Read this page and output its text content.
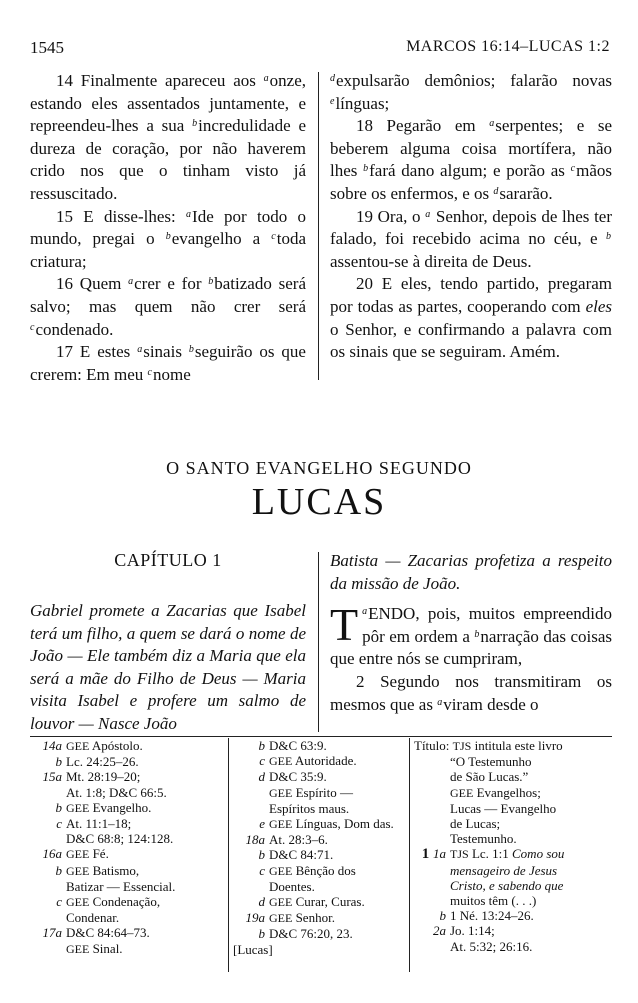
1545	MARCOS 16:14–LUCAS 1:2

14 Finalmente apareceu aos $^a$onze, estando eles assentados juntamente, e repreendeu-lhes a sua $^b$incredulidade e dureza de coração, por não haverem crido nos que o tinham visto já ressuscitado.

15 E disse-lhes: $^a$Ide por todo o mundo, pregai o $^b$evangelho a $^c$toda criatura;

16 Quem $^a$crer e for $^b$batizado será salvo; mas quem não crer será $^c$condenado.

17 E estes $^a$sinais $^b$seguirão os que crerem: Em meu $^c$nome

$^d$expulsarão demônios; falarão novas $^e$línguas;

18 Pegarão em $^a$serpentes; e se beberem alguma coisa mortífera, não lhes $^b$fará dano algum; e porão as $^c$mãos sobre os enfermos, e os $^d$sararão.

19 Ora, o $^a$ Senhor, depois de lhes ter falado, foi recebido acima no céu, e $^b$ assentou-se à direita de Deus.

20 E eles, tendo partido, pregaram por todas as partes, cooperando com eles o Senhor, e confirmando a palavra com os sinais que se seguiram. Amém.

O SANTO EVANGELHO SEGUNDO
LUCAS
CAPÍTULO 1
Gabriel promete a Zacarias que Isabel terá um filho, a quem se dará o nome de João — Ele também diz a Maria que ela será a mãe do Filho de Deus — Maria visita Isabel e profere um salmo de louvor — Nasce João

Batista — Zacarias profetiza a respeito da missão de João.

$^a$
T ENDO, pois, muitos empreendido pôr em ordem a $^b$narração das coisas que entre nós se cumpriram,

2 Segundo nos transmitiram os mesmos que as $^a$viram desde o

14a GEE Apóstolo.
b Lc. 24:25–26.
15a Mt. 28:19–20;
At. 1:8; D&C 66:5.
b GEE Evangelho.
c At. 11:1–18;
D&C 68:8; 124:128.
16a GEE Fé.
b GEE Batismo,
Batizar — Essencial.
c GEE Condenação,
Condenar.
17a D&C 84:64–73.
GEE Sinal.
b D&C 63:9.
c GEE Autoridade.
d D&C 35:9.
GEE Espírito —
Espíritos maus.
e GEE Línguas, Dom das.
18a At. 28:3–6.
b D&C 84:71.
c GEE Bênção dos
Doentes.
d GEE Curar, Curas.
19a GEE Senhor.
b D&C 76:20, 23.
[Lucas]
Título: TJS intitula este livro
“O Testemunho
de São Lucas.”
GEE Evangelhos;
Lucas — Evangelho
de Lucas;
Testemunho.
1 1a TJS Lc. 1:1 Como sou
mensageiro de Jesus
Cristo, e sabendo que
muitos têm (. . .)
b 1 Né. 13:24–26.
2a Jo. 1:14;
At. 5:32; 26:16.
